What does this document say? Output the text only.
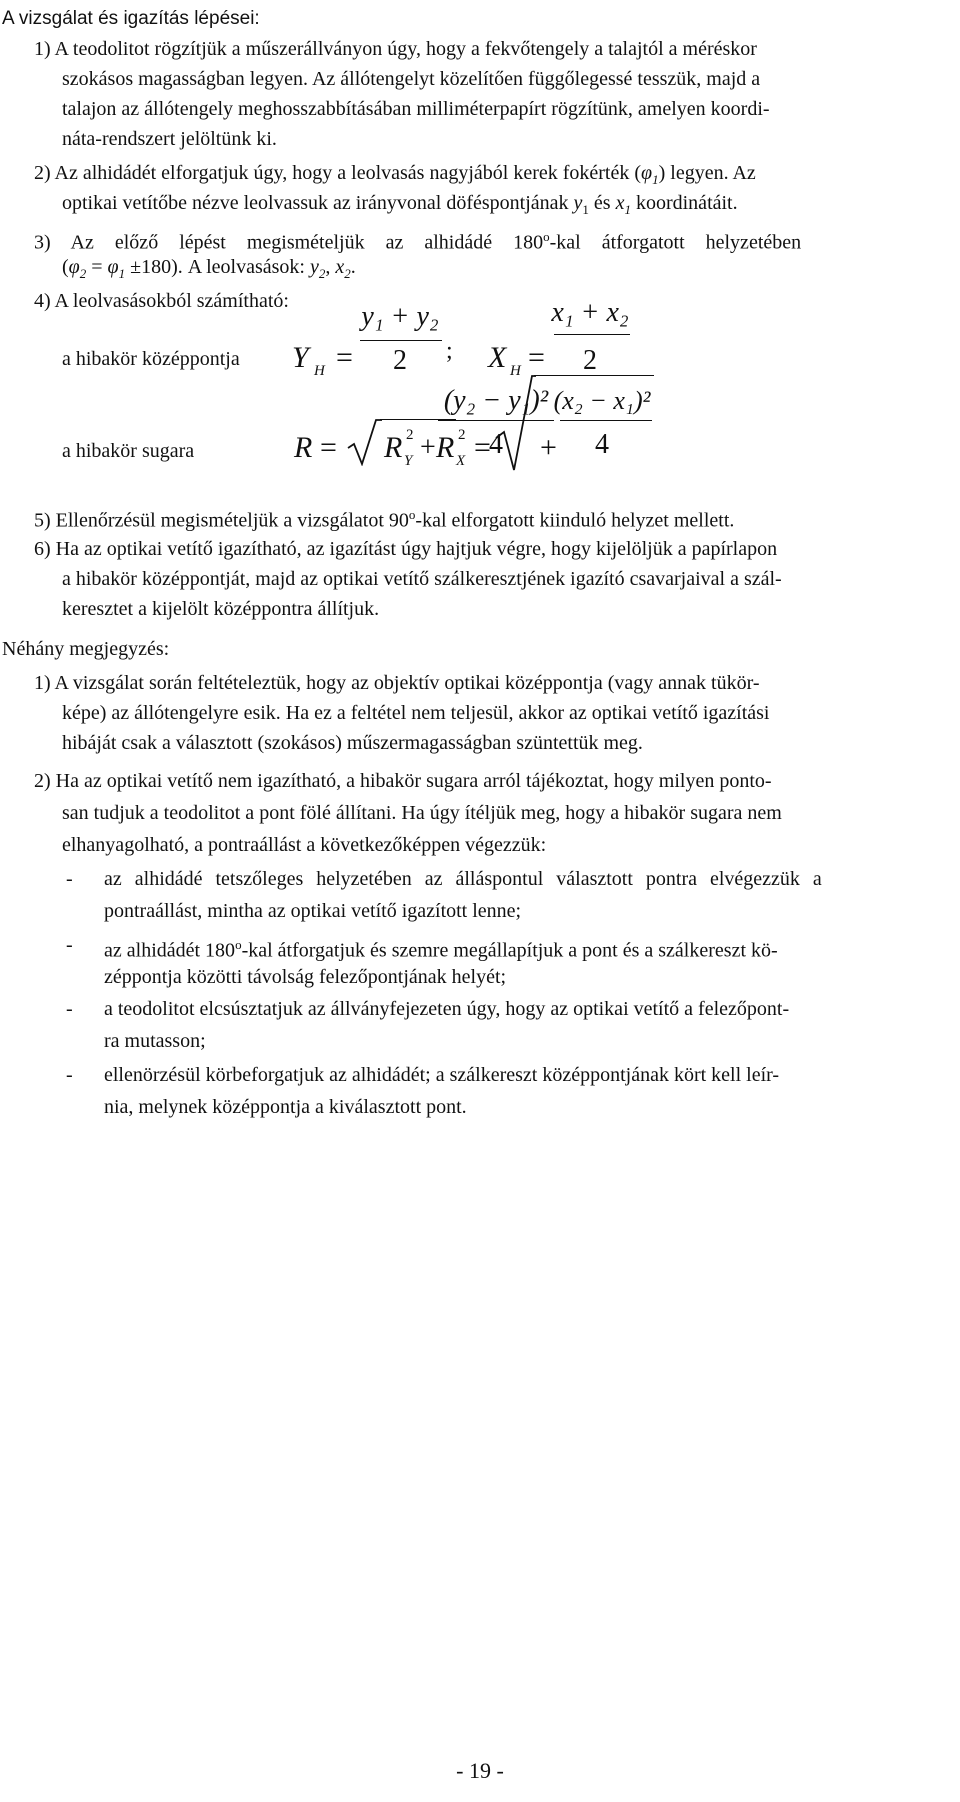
A vizsgálat és igazítás lépései:
1) A teodolitot rögzítjük a műszerállványon úgy, hogy a fekvőtengely a talajtól a méréskor
szokásos magasságban legyen. Az állótengelyt közelítően függőlegessé tesszük, majd a
talajon az állótengely meghosszabbításában milliméterpapírt rögzítünk, amelyen koordi-
náta-rendszert jelöltünk ki.
2) Az alhidádét elforgatjuk úgy, hogy a leolvasás nagyjából kerek fokérték $(\varphi_1)$ legyen. Az
optikai vetítőbe nézve leolvassuk az irányvonal döféspontjának $y_1$ és $x_1$ koordinátáit.
3) Az előző lépést megismételjük az alhidádé 180$^o$-kal átforgatott helyzetében
$(\varphi_2 = \varphi_1 \pm 180)$. A leolvasások: $y_2$, $x_2$.
4) A leolvasásokból számítható:
a hibakör középpontja Y H =
y₁ + y₂
2	; X H =
x₁ + x₂
2
a hibakör sugara	R = R 2
Y + R 2
X =
(y₂ − y₁)²
4	+
(x₂ − x₁)²
4
5) Ellenőrzésül megismételjük a vizsgálatot 90$^o$-kal elforgatott kiinduló helyzet mellett.
6) Ha az optikai vetítő igazítható, az igazítást úgy hajtjuk végre, hogy kijelöljük a papírlapon
a hibakör középpontját, majd az optikai vetítő szálkeresztjének igazító csavarjaival a szál-
keresztet a kijelölt középpontra állítjuk.
Néhány megjegyzés:
1) A vizsgálat során feltételeztük, hogy az objektív optikai középpontja (vagy annak tükör-
képe) az állótengelyre esik. Ha ez a feltétel nem teljesül, akkor az optikai vetítő igazítási
hibáját csak a választott (szokásos) műszermagasságban szüntettük meg.
2) Ha az optikai vetítő nem igazítható, a hibakör sugara arról tájékoztat, hogy milyen ponto-
san tudjuk a teodolitot a pont fölé állítani. Ha úgy ítéljük meg, hogy a hibakör sugara nem
elhanyagolható, a pontraállást a következőképpen végezzük:
- az alhidádé tetszőleges helyzetében az álláspontul választott pontra elvégezzük a
pontraállást, mintha az optikai vetítő igazított lenne;
- az alhidádét 180$^o$-kal átforgatjuk és szemre megállapítjuk a pont és a szálkereszt kö-
zéppontja közötti távolság felezőpontjának helyét;
- a teodolitot elcsúsztatjuk az állványfejezeten úgy, hogy az optikai vetítő a felezőpont-
ra mutasson;
- ellenörzésül körbeforgatjuk az alhidádét; a szálkereszt középpontjának kört kell leír-
nia, melynek középpontja a kiválasztott pont.
- 19 -
